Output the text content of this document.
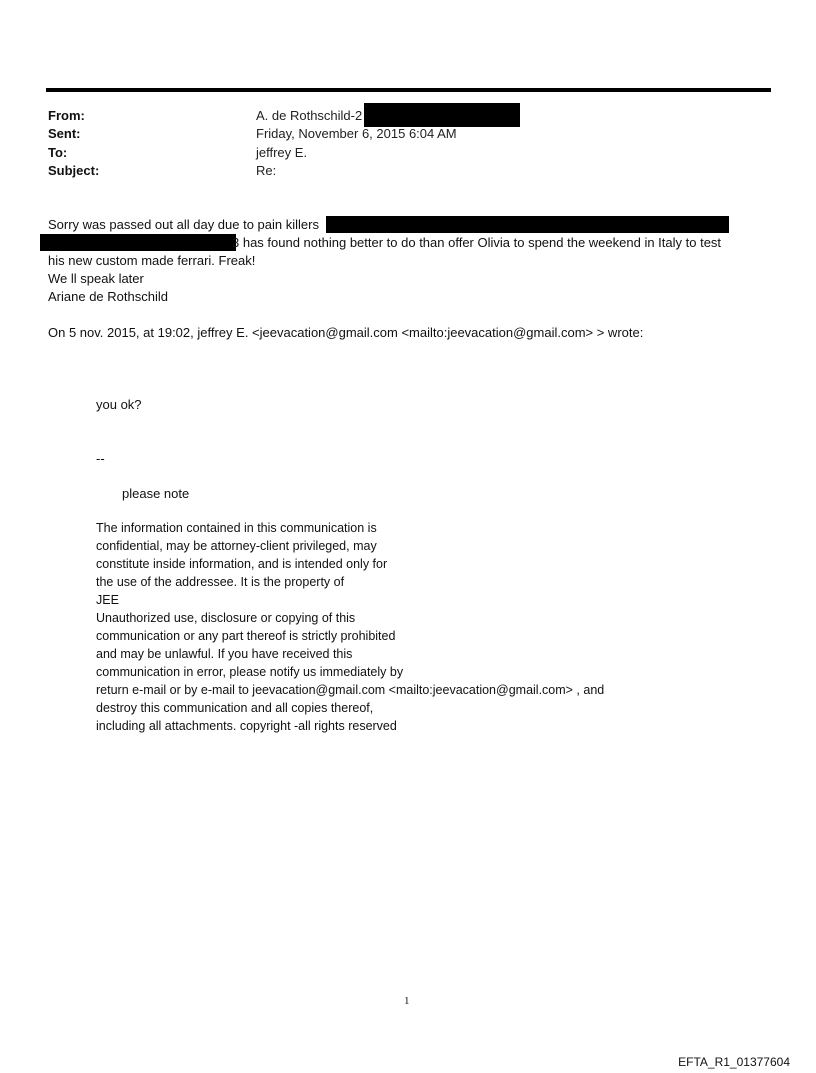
From:	A. de Rothschild-2
Sent:	Friday, November 6, 2015 6:04 AM
To:	jeffrey E.
Subject:	Re:
Sorry was passed out all day due to pain killers
3 has found nothing better to do than offer Olivia to spend the weekend in Italy to test
his new custom made ferrari. Freak!
We ll speak later
Ariane de Rothschild
On 5 nov. 2015, at 19:02, jeffrey E. <jeevacation@gmail.com <mailto:jeevacation@gmail.com> > wrote:
you ok?
--
please note
The information contained in this communication is
confidential, may be attorney-client privileged, may
constitute inside information, and is intended only for
the use of the addressee. It is the property of
JEE
Unauthorized use, disclosure or copying of this
communication or any part thereof is strictly prohibited
and may be unlawful. If you have received this
communication in error, please notify us immediately by
return e-mail or by e-mail to jeevacation@gmail.com <mailto:jeevacation@gmail.com> , and
destroy this communication and all copies thereof,
including all attachments. copyright -all rights reserved
1
EFTA_R1_01377604
